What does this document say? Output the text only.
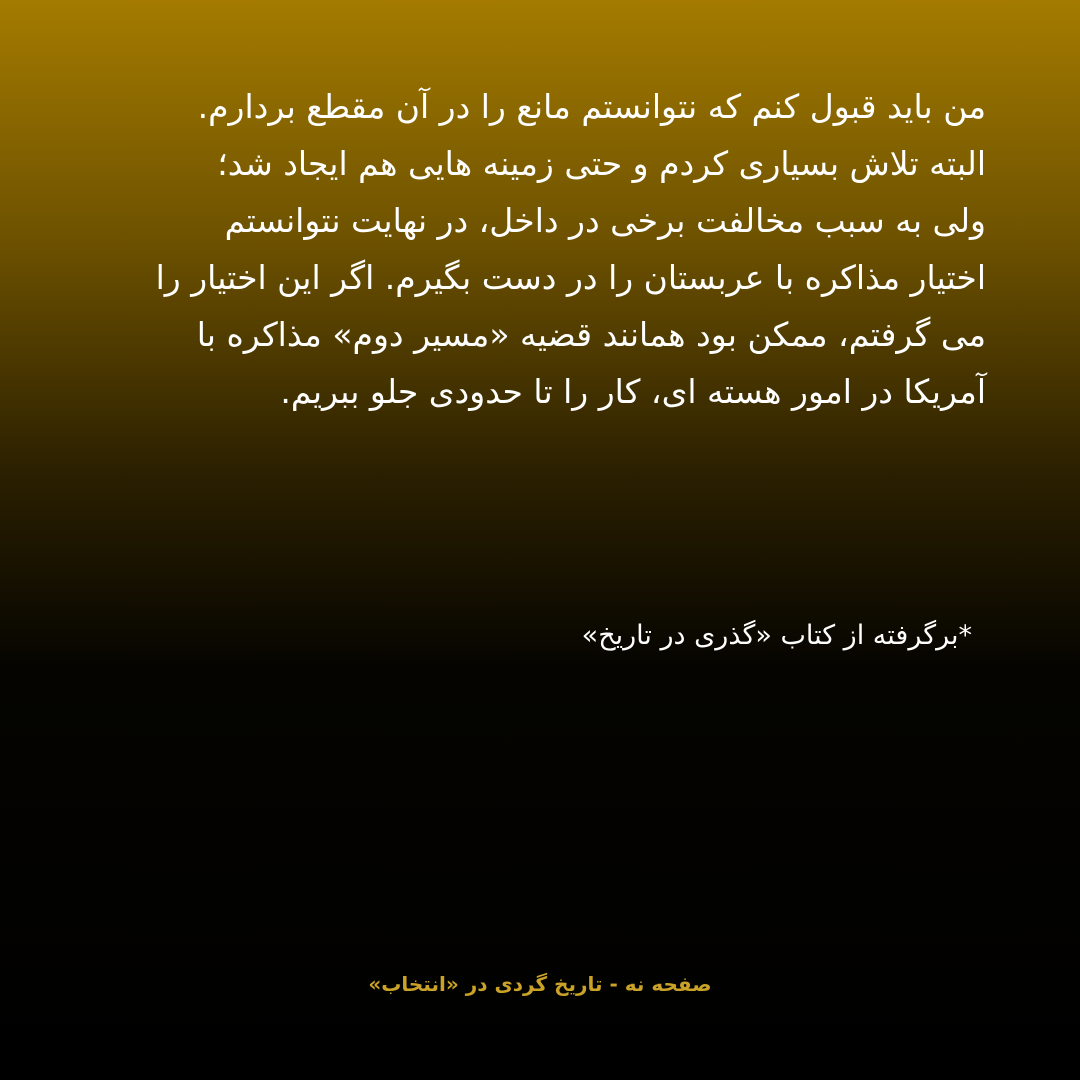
من باید قبول کنم که نتوانستم مانع را در آن مقطع بردارم.
البته تلاش بسیاری کردم و حتی زمینه هایی هم ایجاد شد؛
ولی به سبب مخالفت برخی در داخل، در نهایت نتوانستم
اختیار مذاکره با عربستان را در دست بگیرم. اگر این اختیار را
می گرفتم، ممکن بود همانند قضیه «مسیر دوم» مذاکره با
آمریکا در امور هسته ای، کار را تا حدودی جلو ببریم.

*برگرفته از کتاب «گذری در تاریخ»

صفحه نه - تاریخ گردی در «انتخاب»
